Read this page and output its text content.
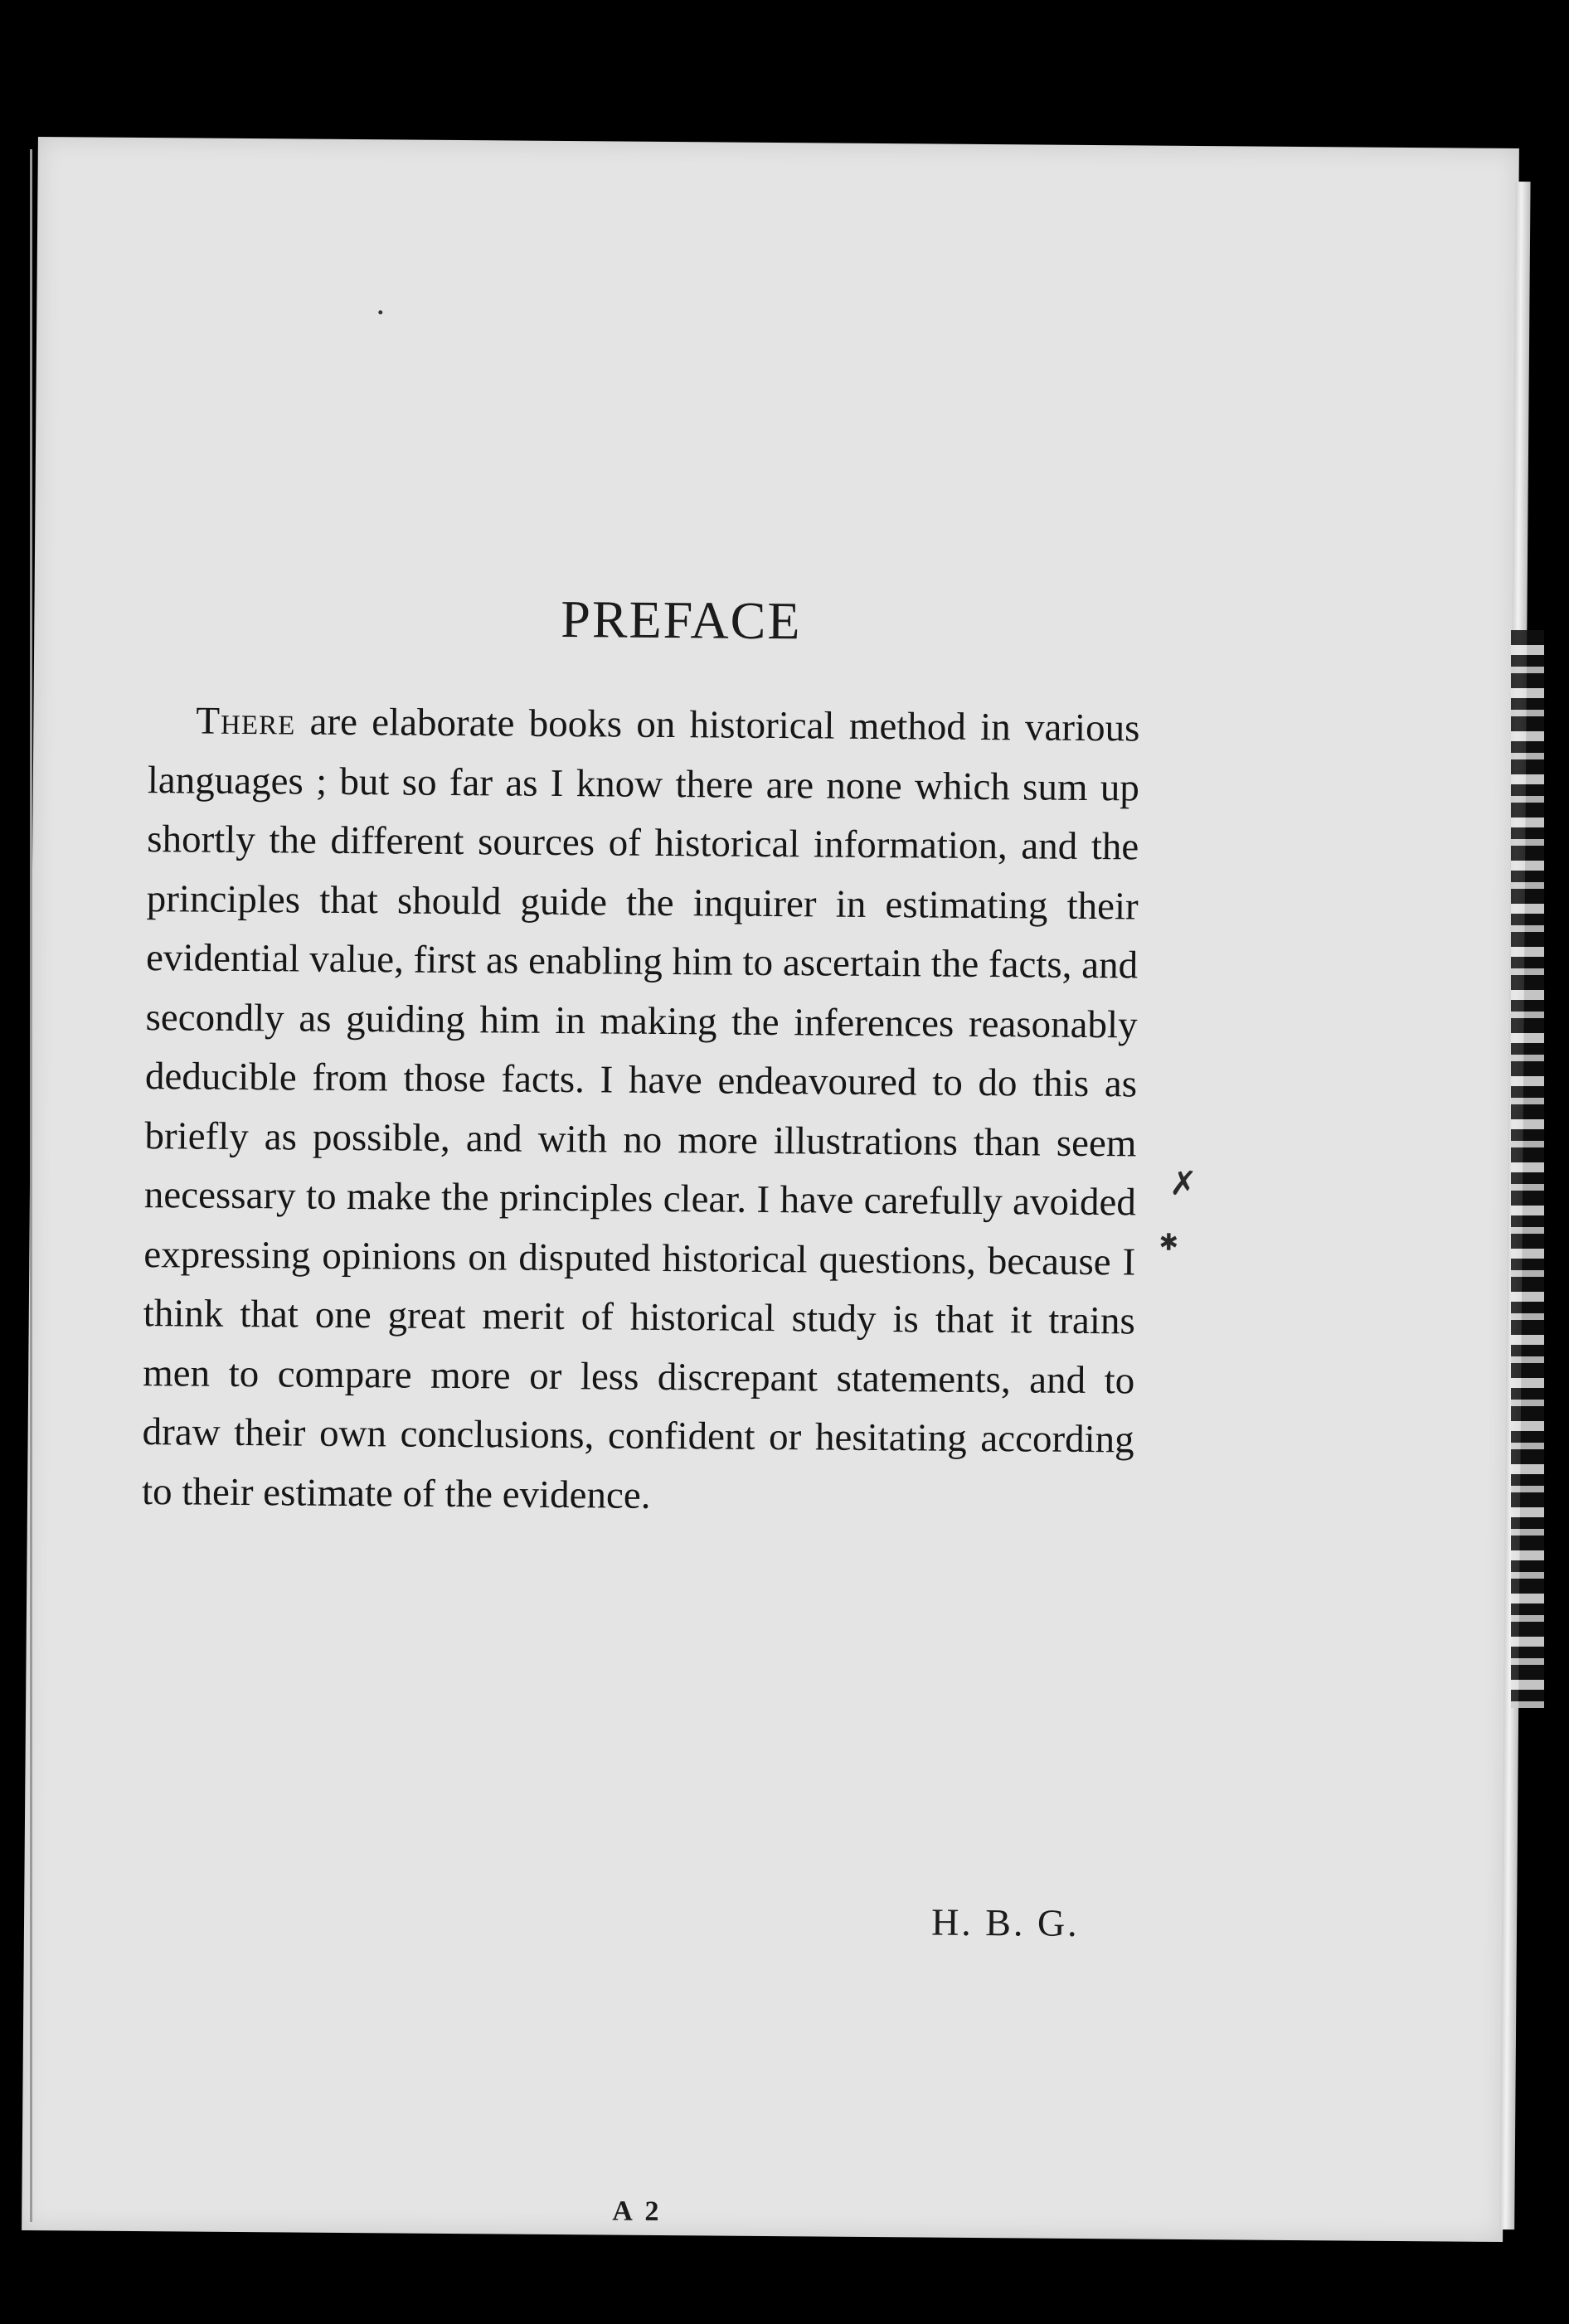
PREFACE
There are elaborate books on historical method in various languages ; but so far as I know there are none which sum up shortly the different sources of historical information, and the principles that should guide the inquirer in estimating their evidential value, first as enabling him to ascertain the facts, and secondly as guiding him in making the inferences reasonably deducible from those facts. I have endeavoured to do this as briefly as possible, and with no more illustrations than seem necessary to make the principles clear. I have carefully avoided expressing opinions on disputed historical questions, because I think that one great merit of historical study is that it trains men to compare more or less discrepant statements, and to draw their own conclusions, confident or hesitating according to their estimate of the evidence.
H. B. G.
A 2
✗
✱
